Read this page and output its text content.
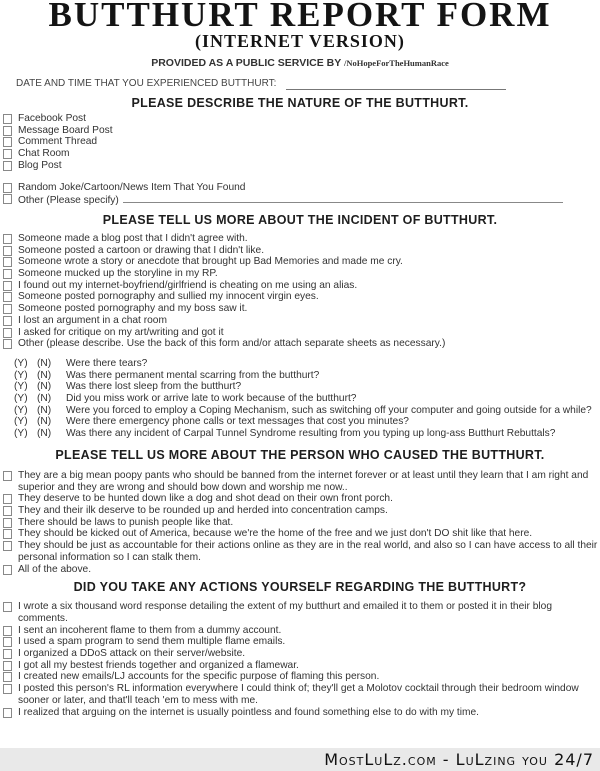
BUTTHURT REPORT FORM
(INTERNET VERSION)
PROVIDED AS A PUBLIC SERVICE BY /NoHopeForTheHumanRace
DATE AND TIME THAT YOU EXPERIENCED BUTTHURT:
PLEASE DESCRIBE THE NATURE OF THE BUTTHURT.
Facebook Post
Message Board Post
Comment Thread
Chat Room
Blog Post
Random Joke/Cartoon/News Item That You Found
Other (Please specify)
PLEASE TELL US MORE ABOUT THE INCIDENT OF BUTTHURT.
Someone made a blog post that I didn't agree with.
Someone posted a cartoon or drawing that I didn't like.
Someone wrote a story or anecdote that brought up Bad Memories and made me cry.
Someone mucked up the storyline in my RP.
I found out my internet-boyfriend/girlfriend is cheating on me using an alias.
Someone posted pornography and sullied my innocent virgin eyes.
Someone posted pornography and my boss saw it.
I lost an argument in a chat room
I asked for critique on my art/writing and got it
Other (please describe. Use the back of this form and/or attach separate sheets as necessary.)
(Y) (N)	Were there tears?
(Y) (N)	Was there permanent mental scarring from the butthurt?
(Y) (N)	Was there lost sleep from the butthurt?
(Y) (N)	Did you miss work or arrive late to work because of the butthurt?
(Y) (N)	Were you forced to employ a Coping Mechanism, such as switching off your computer and going outside for a while?
(Y) (N)	Were there emergency phone calls or text messages that cost you minutes?
(Y) (N)	Was there any incident of Carpal Tunnel Syndrome resulting from you typing up long-ass Butthurt Rebuttals?
PLEASE TELL US MORE ABOUT THE PERSON WHO CAUSED THE BUTTHURT.
They are a big mean poopy pants who should be banned from the internet forever or at least until they learn that I am right and superior and they are wrong and should bow down and worship me now..
They deserve to be hunted down like a dog and shot dead on their own front porch.
They and their ilk deserve to be rounded up and herded into concentration camps.
There should be laws to punish people like that.
They should be kicked out of America, because we're the home of the free and we just don't DO shit like that here.
They should be just as accountable for their actions online as they are in the real world, and also so I can have access to all their personal information so I can stalk them.
All of the above.
DID YOU TAKE ANY ACTIONS YOURSELF REGARDING THE BUTTHURT?
I wrote a six thousand word response detailing the extent of my butthurt and emailed it to them or posted it in their blog comments.
I sent an incoherent flame to them from a dummy account.
I used a spam program to send them multiple flame emails.
I organized a DDoS attack on their server/website.
I got all my bestest friends together and organized a flamewar.
I created new emails/LJ accounts for the specific purpose of flaming this person.
I posted this person's RL information everywhere I could think of; they'll get a Molotov cocktail through their bedroom window sooner or later, and that'll teach 'em to mess with me.
I realized that arguing on the internet is usually pointless and found something else to do with my time.
MostLuLz.com - LuLzing you 24/7
